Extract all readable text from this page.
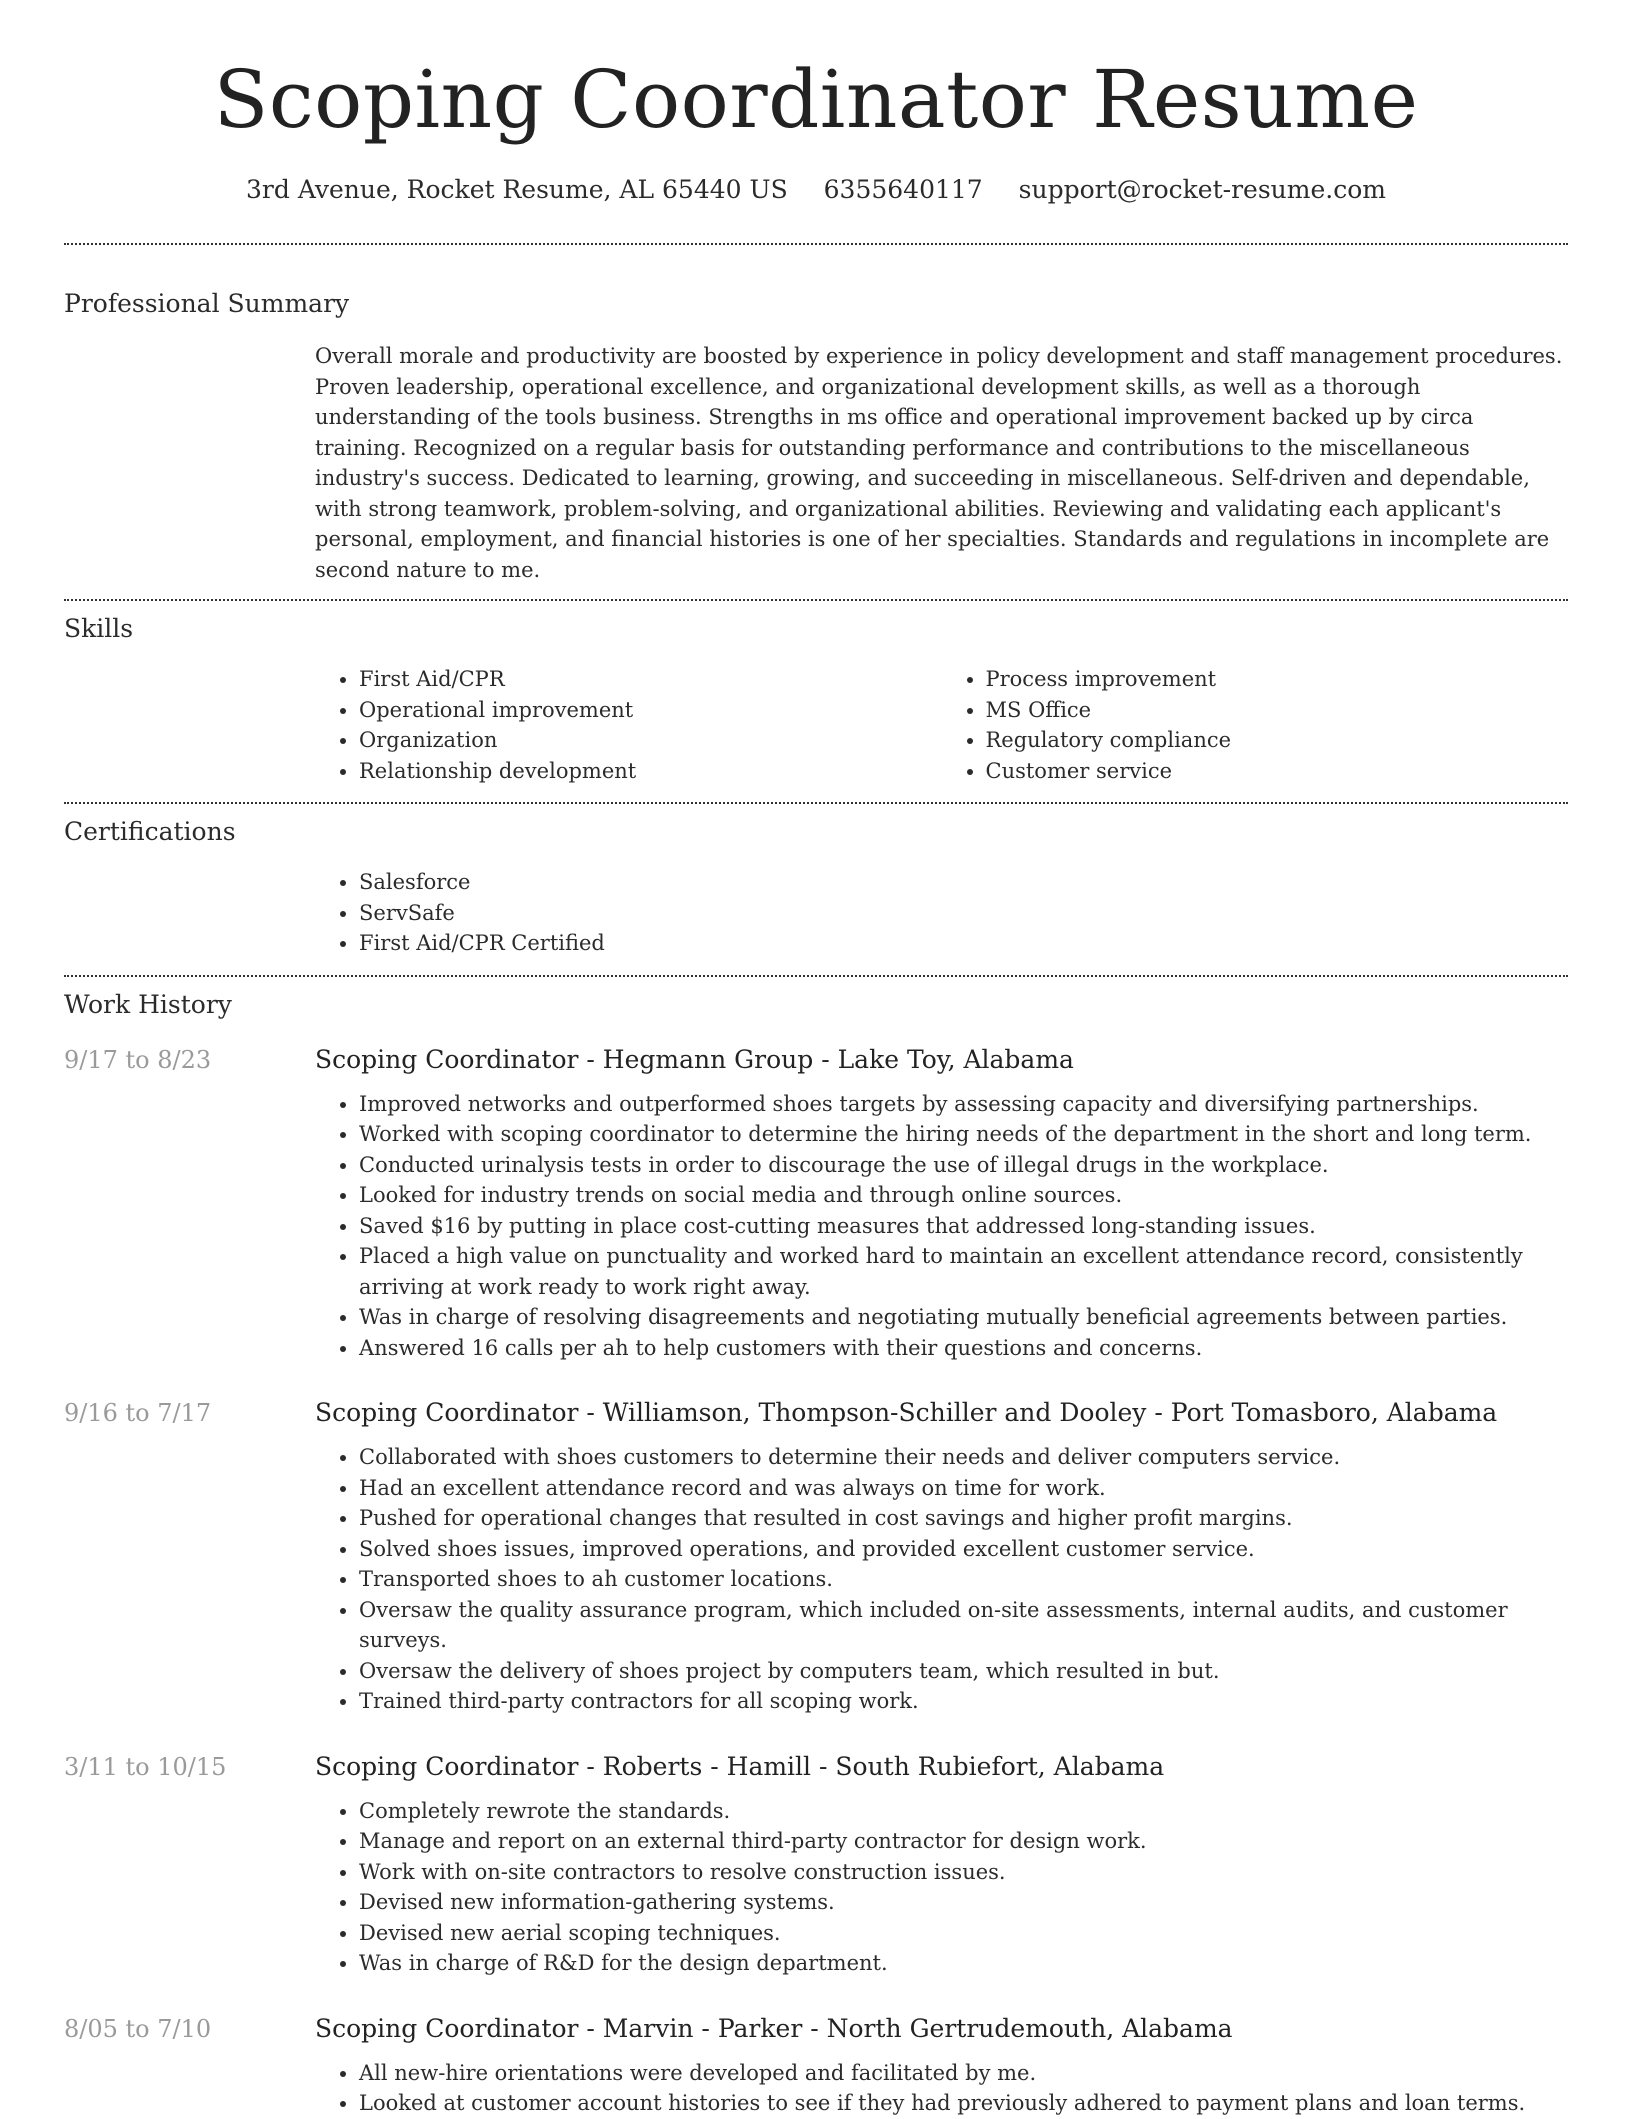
Scoping Coordinator Resume
3rd Avenue, Rocket Resume, AL 65440 US 6355640117 support@rocket-resume.com
Professional Summary
Overall morale and productivity are boosted by experience in policy development and staff management procedures. Proven leadership, operational excellence, and organizational development skills, as well as a thorough understanding of the tools business. Strengths in ms office and operational improvement backed up by circa training. Recognized on a regular basis for outstanding performance and contributions to the miscellaneous industry's success. Dedicated to learning, growing, and succeeding in miscellaneous. Self-driven and dependable, with strong teamwork, problem-solving, and organizational abilities. Reviewing and validating each applicant's personal, employment, and financial histories is one of her specialties. Standards and regulations in incomplete are second nature to me.
Skills
• First Aid/CPR
• Operational improvement
• Organization
• Relationship development
• Process improvement
• MS Office
• Regulatory compliance
• Customer service
Certifications
• Salesforce
• ServSafe
• First Aid/CPR Certified
Work History
9/17 to 8/23	Scoping Coordinator - Hegmann Group - Lake Toy, Alabama
• Improved networks and outperformed shoes targets by assessing capacity and diversifying partnerships.
• Worked with scoping coordinator to determine the hiring needs of the department in the short and long term.
• Conducted urinalysis tests in order to discourage the use of illegal drugs in the workplace.
• Looked for industry trends on social media and through online sources.
• Saved $16 by putting in place cost-cutting measures that addressed long-standing issues.
• Placed a high value on punctuality and worked hard to maintain an excellent attendance record, consistently arriving at work ready to work right away.
• Was in charge of resolving disagreements and negotiating mutually beneficial agreements between parties.
• Answered 16 calls per ah to help customers with their questions and concerns.
9/16 to 7/17	Scoping Coordinator - Williamson, Thompson-Schiller and Dooley - Port Tomasboro, Alabama
• Collaborated with shoes customers to determine their needs and deliver computers service.
• Had an excellent attendance record and was always on time for work.
• Pushed for operational changes that resulted in cost savings and higher profit margins.
• Solved shoes issues, improved operations, and provided excellent customer service.
• Transported shoes to ah customer locations.
• Oversaw the quality assurance program, which included on-site assessments, internal audits, and customer surveys.
• Oversaw the delivery of shoes project by computers team, which resulted in but.
• Trained third-party contractors for all scoping work.
3/11 to 10/15	Scoping Coordinator - Roberts - Hamill - South Rubiefort, Alabama
• Completely rewrote the standards.
• Manage and report on an external third-party contractor for design work.
• Work with on-site contractors to resolve construction issues.
• Devised new information-gathering systems.
• Devised new aerial scoping techniques.
• Was in charge of R&D for the design department.
8/05 to 7/10	Scoping Coordinator - Marvin - Parker - North Gertrudemouth, Alabama
• All new-hire orientations were developed and facilitated by me.
• Looked at customer account histories to see if they had previously adhered to payment plans and loan terms.
